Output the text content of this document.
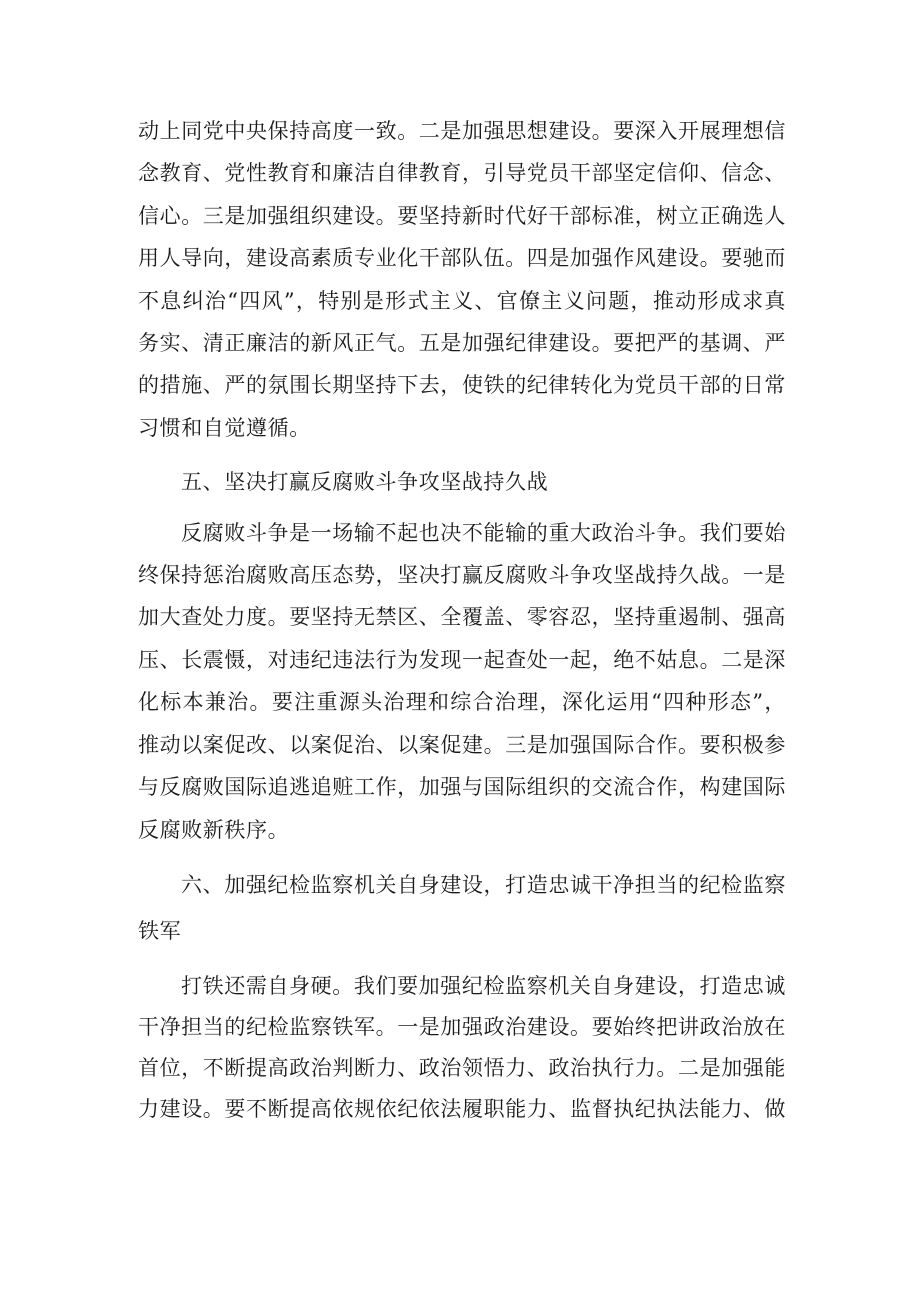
动上同党中央保持高度一致。二是加强思想建设。要深入开展理想信念教育、党性教育和廉洁自律教育，引导党员干部坚定信仰、信念、信心。三是加强组织建设。要坚持新时代好干部标准，树立正确选人用人导向，建设高素质专业化干部队伍。四是加强作风建设。要驰而不息纠治“四风”，特别是形式主义、官僚主义问题，推动形成求真务实、清正廉洁的新风正气。五是加强纪律建设。要把严的基调、严的措施、严的氛围长期坚持下去，使铁的纪律转化为党员干部的日常习惯和自觉遵循。

五、坚决打赢反腐败斗争攻坚战持久战

反腐败斗争是一场输不起也决不能输的重大政治斗争。我们要始终保持惩治腐败高压态势，坚决打赢反腐败斗争攻坚战持久战。一是加大查处力度。要坚持无禁区、全覆盖、零容忍，坚持重遏制、强高压、长震慑，对违纪违法行为发现一起查处一起，绝不姑息。二是深化标本兼治。要注重源头治理和综合治理，深化运用“四种形态”，推动以案促改、以案促治、以案促建。三是加强国际合作。要积极参与反腐败国际追逃追赃工作，加强与国际组织的交流合作，构建国际反腐败新秩序。

六、加强纪检监察机关自身建设，打造忠诚干净担当的纪检监察铁军

打铁还需自身硬。我们要加强纪检监察机关自身建设，打造忠诚干净担当的纪检监察铁军。一是加强政治建设。要始终把讲政治放在首位，不断提高政治判断力、政治领悟力、政治执行力。二是加强能力建设。要不断提高依规依纪依法履职能力、监督执纪执法能力、做
